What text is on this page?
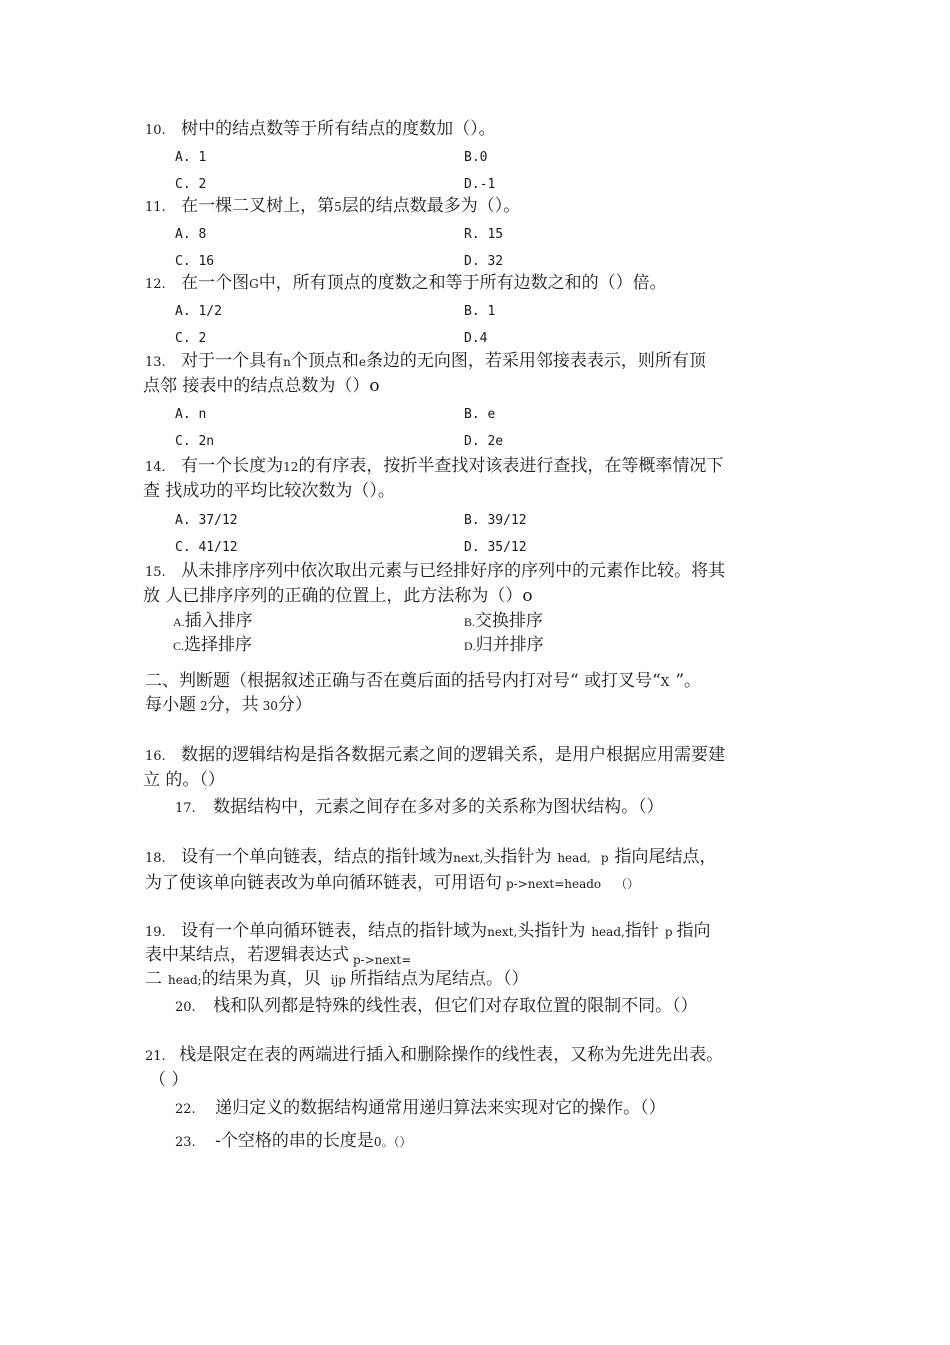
10. 树中的结点数等于所有结点的度数加（）。
A. 1	B.0
C. 2	D.-1
11. 在一棵二叉树上，第5层的结点数最多为（）。
A. 8	R. 15
C. 16	D. 32
12. 在一个图G中，所有顶点的度数之和等于所有边数之和的（）倍。
A. 1/2	B. 1
C. 2	D.4
13. 对于一个具有n个顶点和e条边的无向图，若采用邻接表表示，则所有顶
点邻 接表中的结点总数为（）o
A. n	B. e
C. 2n	D. 2e
14. 有一个长度为12的有序表，按折半查找对该表进行查找，在等概率情况下
查 找成功的平均比较次数为（）。
A. 37/12	B. 39/12
C. 41/12	D. 35/12
15. 从未排序序列中依次取出元素与已经排好序的序列中的元素作比较。将其
放 人已排序序列的正确的位置上，此方法称为（）o
A.插入排序	B.交换排序
C.选择排序	D.归并排序
二、判断题（根据叙述正确与否在奠后面的括号内打对号“ 或打叉号“X ”。
每小题 2分，共 30分）
16. 数据的逻辑结构是指各数据元素之间的逻辑关系，是用户根据应用需要建
立 的。（）
17. 数据结构中，元素之间存在多对多的关系称为图状结构。（）
18. 设有一个单向链表，结点的指针域为next,头指针为 head, p 指向尾结点，
为了使该单向链表改为单向循环链表，可用语句 p->next=heado （）
19. 设有一个单向循环链表，结点的指针域为next,头指针为 head,指针 p 指向
表中某结点，若逻辑表达式 $_{p->next=}$
二 head;的结果为真，贝 ijp 所指结点为尾结点。（）
20. 栈和队列都是特殊的线性表，但它们对存取位置的限制不同。（）
21. 栈是限定在表的两端进行插入和删除操作的线性表，又称为先进先出表。
（ ）
22. 递归定义的数据结构通常用递归算法来实现对它的操作。（）
23. -个空格的串的长度是0。（）
